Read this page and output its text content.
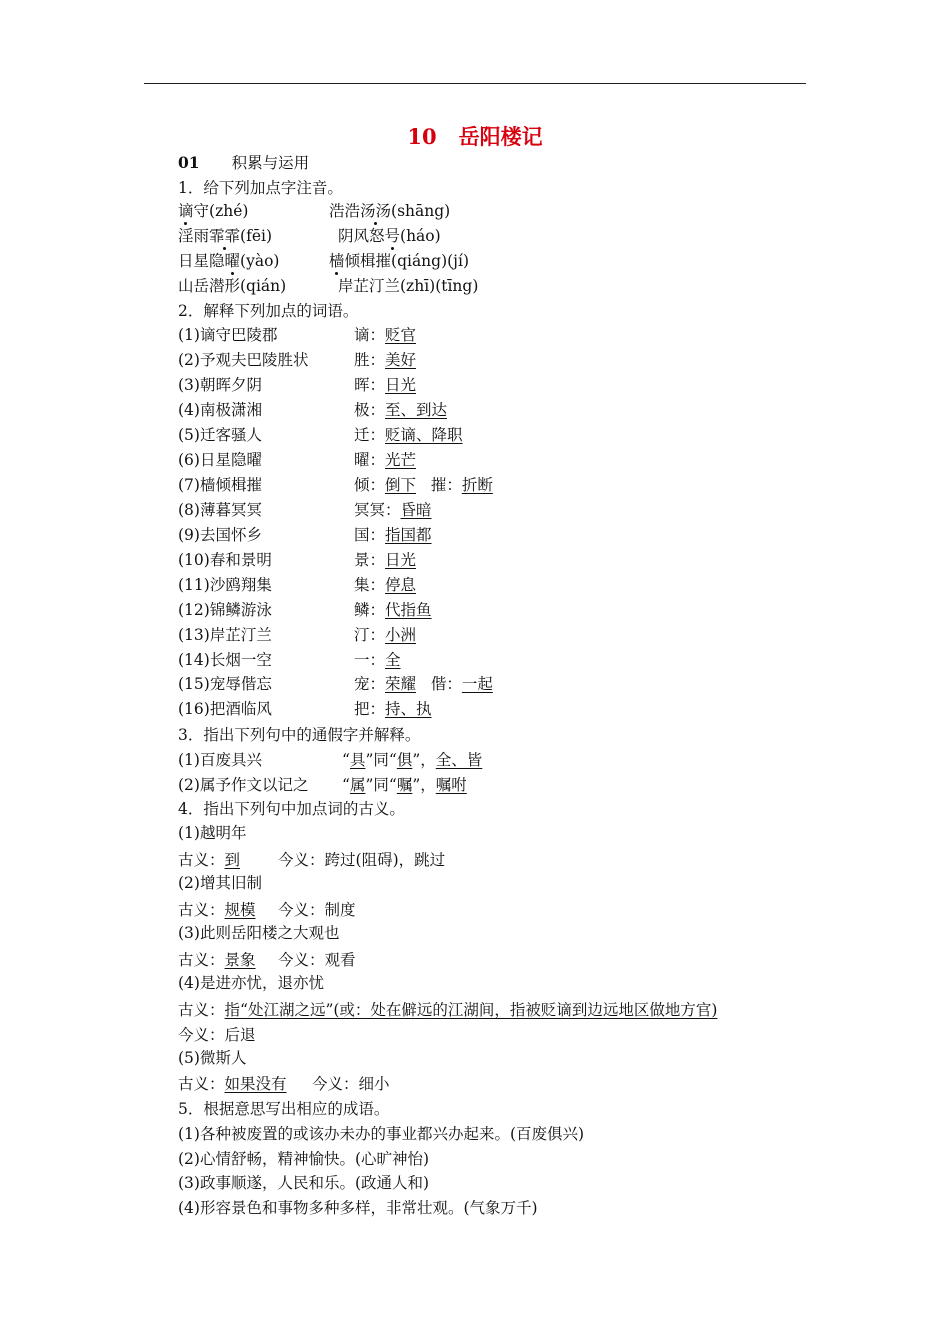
10 岳阳楼记
01 积累与运用
1．给下列加点字注音。
谪守(zhé)	浩浩汤汤(shāng)
淫雨霏霏(fēi)	阴风怒号(háo)
日星隐曜(yào)	樯倾楫摧(qiáng)(jí)
山岳潜形(qián)	岸芷汀兰(zhī)(tīng)
2．解释下列加点的词语。
(1)谪守巴陵郡	谪：贬官
(2)予观夫巴陵胜状	胜：美好
(3)朝晖夕阴	晖：日光
(4)南极潇湘	极：至、到达
(5)迁客骚人	迁：贬谪、降职
(6)日星隐曜	曜：光芒
(7)樯倾楫摧	倾：倒下 摧：折断
(8)薄暮冥冥	冥冥：昏暗
(9)去国怀乡	国：指国都
(10)春和景明	景：日光
(11)沙鸥翔集	集：停息
(12)锦鳞游泳	鳞：代指鱼
(13)岸芷汀兰	汀：小洲
(14)长烟一空	一：全
(15)宠辱偕忘	宠：荣耀 偕：一起
(16)把酒临风	把：持、执
3．指出下列句中的通假字并解释。
(1)百废具兴	“具”同“俱”，全、皆
(2)属予作文以记之 “属”同“嘱”，嘱咐
4．指出下列句中加点词的古义。
(1)越明年
古义：到 今义：跨过(阻碍)，跳过
(2)增其旧制
古义：规模 今义：制度
(3)此则岳阳楼之大观也
古义：景象 今义：观看
(4)是进亦忧，退亦忧
古义：指“处江湖之远”(或：处在僻远的江湖间，指被贬谪到边远地区做地方官)
今义：后退
(5)微斯人
古义：如果没有 今义：细小
5．根据意思写出相应的成语。
(1)各种被废置的或该办未办的事业都兴办起来。(百废俱兴)
(2)心情舒畅，精神愉快。(心旷神怡)
(3)政事顺遂，人民和乐。(政通人和)
(4)形容景色和事物多种多样，非常壮观。(气象万千)
